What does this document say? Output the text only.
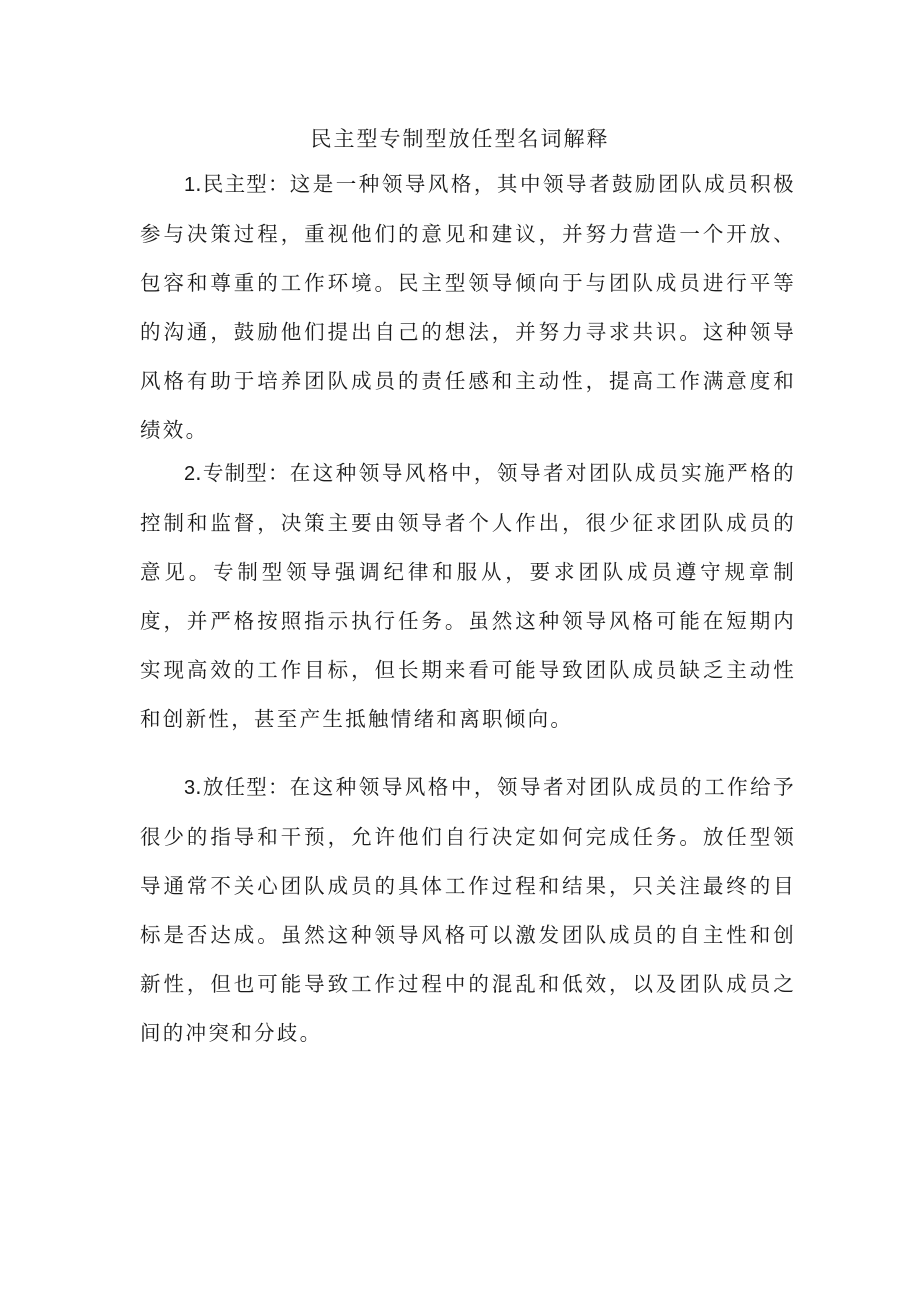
民主型专制型放任型名词解释

1.民主型：这是一种领导风格，其中领导者鼓励团队成员积极参与决策过程，重视他们的意见和建议，并努力营造一个开放、包容和尊重的工作环境。民主型领导倾向于与团队成员进行平等的沟通，鼓励他们提出自己的想法，并努力寻求共识。这种领导风格有助于培养团队成员的责任感和主动性，提高工作满意度和绩效。

2.专制型：在这种领导风格中，领导者对团队成员实施严格的控制和监督，决策主要由领导者个人作出，很少征求团队成员的意见。专制型领导强调纪律和服从，要求团队成员遵守规章制度，并严格按照指示执行任务。虽然这种领导风格可能在短期内实现高效的工作目标，但长期来看可能导致团队成员缺乏主动性和创新性，甚至产生抵触情绪和离职倾向。

3.放任型：在这种领导风格中，领导者对团队成员的工作给予很少的指导和干预，允许他们自行决定如何完成任务。放任型领导通常不关心团队成员的具体工作过程和结果，只关注最终的目标是否达成。虽然这种领导风格可以激发团队成员的自主性和创新性，但也可能导致工作过程中的混乱和低效，以及团队成员之间的冲突和分歧。
